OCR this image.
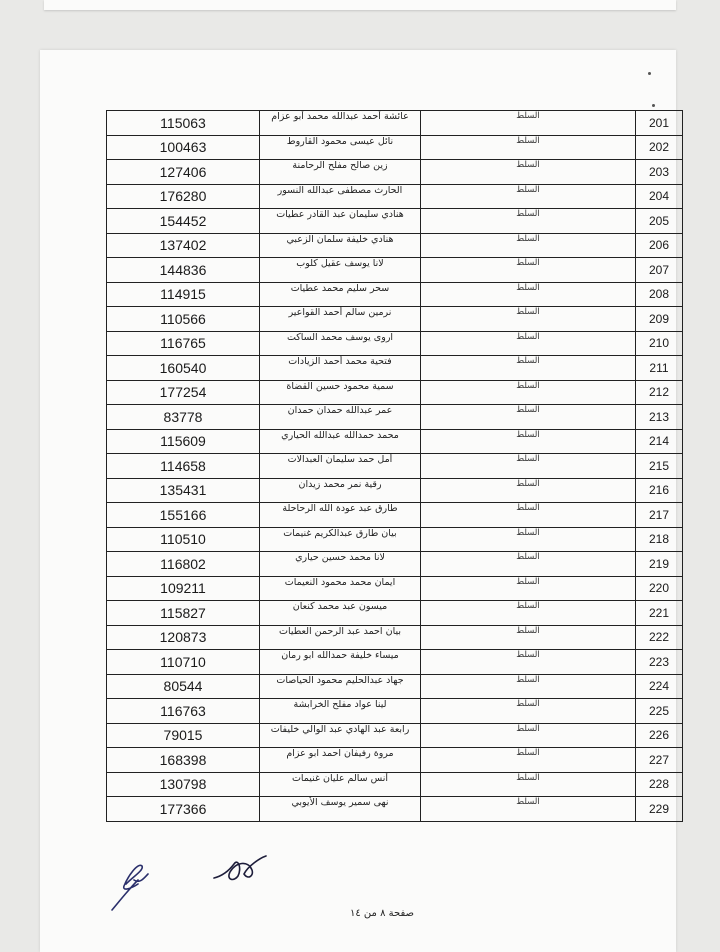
115063	عائشة أحمد عبدالله محمد أبو عزام	السلط	201
100463	نائل عيسى محمود القاروط	السلط	202
127406	زين صالح مفلح الرحامنة	السلط	203
176280	الحارث مصطفى عبدالله النسور	السلط	204
154452	هنادي سليمان عبد القادر عطيات	السلط	205
137402	هنادي خليفة سلمان الزعبي	السلط	206
144836	لانا يوسف عقيل كلوب	السلط	207
114915	سحر سليم محمد عطيات	السلط	208
110566	نرمين سالم أحمد القواعير	السلط	209
116765	اروى يوسف محمد الساكت	السلط	210
160540	فتحية محمد أحمد الزيادات	السلط	211
177254	سمية محمود حسين القضاة	السلط	212
83778	عمر عبدالله حمدان حمدان	السلط	213
115609	محمد حمدالله عبدالله الحياري	السلط	214
114658	أمل حمد سليمان العبدالات	السلط	215
135431	رقية نمر محمد زيدان	السلط	216
155166	طارق عبد عودة الله الرحاحلة	السلط	217
110510	بيان طارق عبدالكريم غنيمات	السلط	218
116802	لانا محمد حسين حياري	السلط	219
109211	ايمان محمد محمود النعيمات	السلط	220
115827	ميسون عبد محمد كنعان	السلط	221
120873	بيان احمد عبد الرحمن العطيات	السلط	222
110710	ميساء خليفة حمدالله ابو رمان	السلط	223
80544	جهاد عبدالحليم محمود الحياصات	السلط	224
116763	لينا عواد مفلح الخرابشة	السلط	225
79015	رابعة عبد الهادي عبد الوالي خليفات	السلط	226
168398	مروة رفيفان احمد ابو عزام	السلط	227
130798	أنس سالم عليان غنيمات	السلط	228
177366	نهى سمير يوسف الأيوبي	السلط	229
صفحة ٨ من ١٤
